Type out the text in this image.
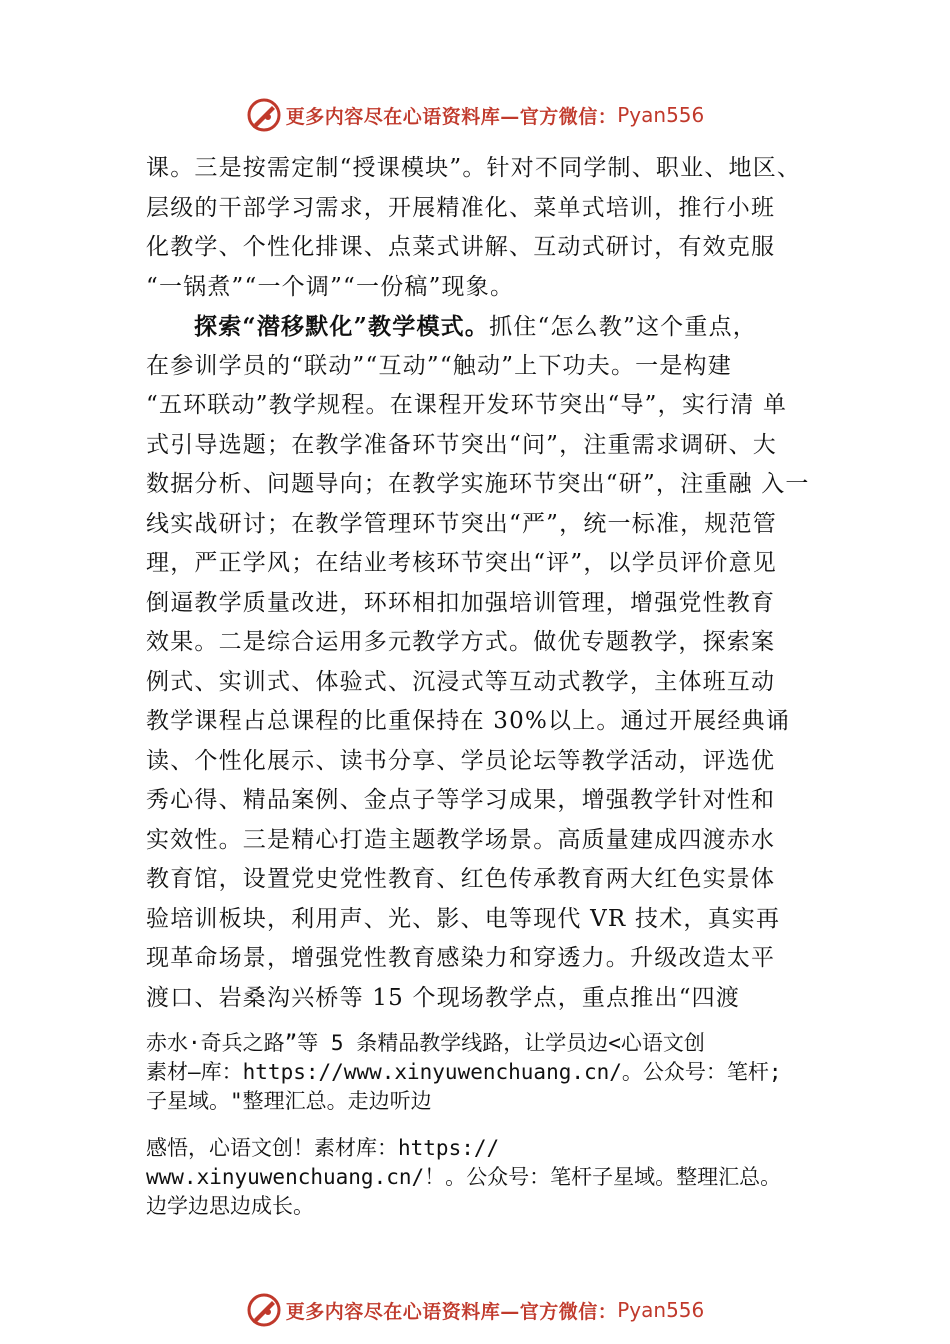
更多内容尽在心语资料库—官方微信： Pyan556
课。三是按需定制“授课模块”。针对不同学制、职业、地区、
层级的干部学习需求，开展精准化、菜单式培训，推行小班
化教学、个性化排课、点菜式讲解、互动式研讨，有效克服
“一锅煮”“一个调”“一份稿”现象。
探索“潜移默化”教学模式。抓住“怎么教”这个重点，
在参训学员的“联动”“互动”“触动”上下功夫。一是构建
“五环联动”教学规程。在课程开发环节突出“导”，实行清 单
式引导选题；在教学准备环节突出“问”，注重需求调研、大
数据分析、问题导向；在教学实施环节突出“研”，注重融 入一
线实战研讨；在教学管理环节突出“严”，统一标准，规范管
理，严正学风；在结业考核环节突出“评”，以学员评价意见
倒逼教学质量改进，环环相扣加强培训管理，增强党性教育
效果。二是综合运用多元教学方式。做优专题教学，探索案
例式、实训式、体验式、沉浸式等互动式教学，主体班互动
教学课程占总课程的比重保持在 30%以上。通过开展经典诵
读、个性化展示、读书分享、学员论坛等教学活动，评选优
秀心得、精品案例、金点子等学习成果，增强教学针对性和
实效性。三是精心打造主题教学场景。高质量建成四渡赤水
教育馆，设置党史党性教育、红色传承教育两大红色实景体
验培训板块，利用声、光、影、电等现代 VR 技术，真实再
现革命场景，增强党性教育感染力和穿透力。升级改造太平
渡口、岩桑沟兴桥等 15 个现场教学点，重点推出“四渡
赤水·奇兵之路”等 5 条精品教学线路，让学员边<心语文创
素材—库：https://www.xinyuwenchuang.cn/。公众号：笔杆;
子星域。"整理汇总。走边听边
感悟，心语文创！素材库：https://
www.xinyuwenchuang.cn/！。公众号：笔杆子星域。整理汇总。
边学边思边成长。
更多内容尽在心语资料库—官方微信： Pyan556
